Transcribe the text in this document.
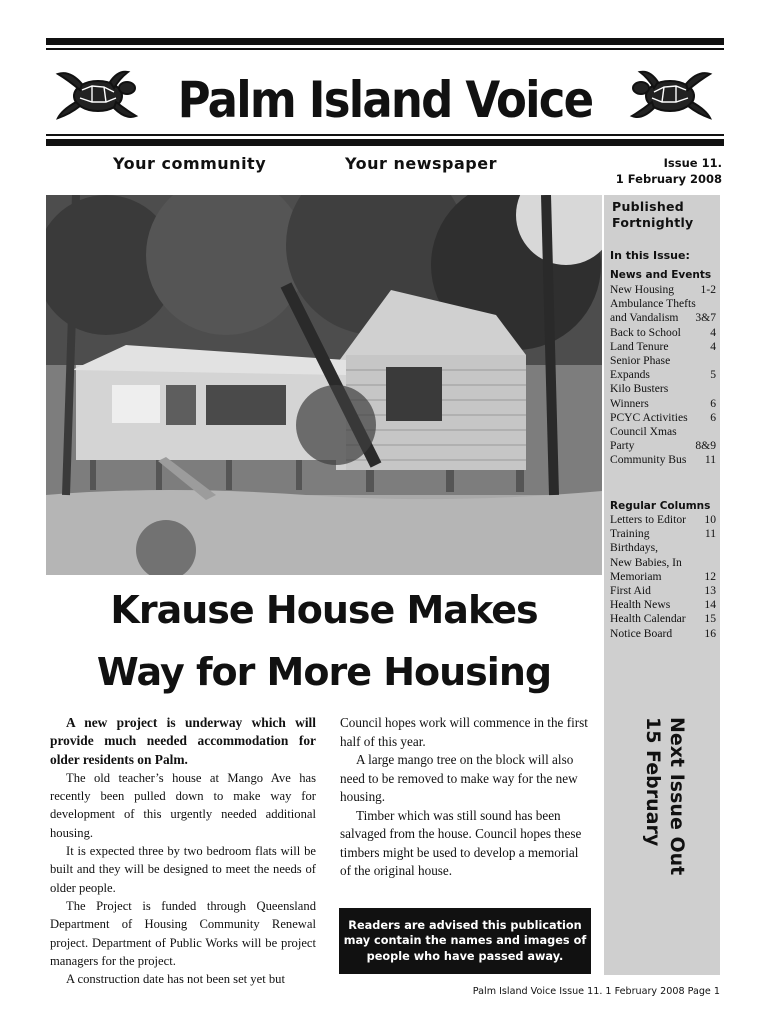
Palm Island Voice
Your community	Your newspaper	Issue 11.
1 February 2008
Published
Fortnightly
In this Issue:
News and Events
New Housing 1-2
Ambulance Thefts
and Vandalism 3&7
Back to School	4
Land Tenure	4
Senior Phase
Expands	5
Kilo Busters
Winners	6
PCYC Activities 6
Council Xmas
Party	8&9
Community Bus 11
Regular Columns
Letters to Editor 10
Training	11
Birthdays,
New Babies, In
Memoriam	12
First Aid	13
Health News	14
Health Calendar 15
Notice Board	16
Next Issue Out
15 February
Krause House Makes
Way for More Housing

A new project is underway which will provide much needed accommodation for older residents on Palm.

The old teacher’s house at Mango Ave has recently been pulled down to make way for development of this urgently needed additional housing.

It is expected three by two bedroom flats will be built and they will be designed to meet the needs of older people.

The Project is funded through Queensland Department of Housing Community Renewal project. Department of Public Works will be project managers for the project.

A construction date has not been set yet but

Council hopes work will commence in the first half of this year.

A large mango tree on the block will also need to be removed to make way for the new housing.

Timber which was still sound has been salvaged from the house. Council hopes these timbers might be used to develop a memorial of the original house.

Readers are advised this publication may contain the names and images of people who have passed away.
Palm Island Voice Issue 11. 1 February 2008 Page 1
